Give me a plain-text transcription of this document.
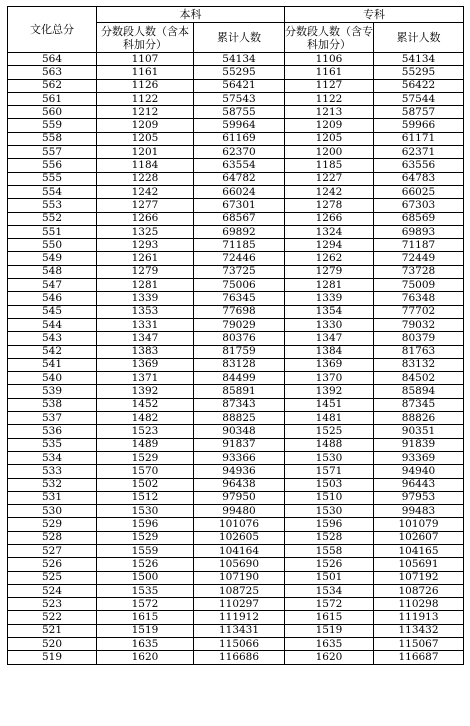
文化总分	本科		专科	
	分数段人数（含本科加分）	累计人数	分数段人数（含专科加分）	累计人数
564	1107	54134	1106	54134
563	1161	55295	1161	55295
562	1126	56421	1127	56422
561	1122	57543	1122	57544
560	1212	58755	1213	58757
559	1209	59964	1209	59966
558	1205	61169	1205	61171
557	1201	62370	1200	62371
556	1184	63554	1185	63556
555	1228	64782	1227	64783
554	1242	66024	1242	66025
553	1277	67301	1278	67303
552	1266	68567	1266	68569
551	1325	69892	1324	69893
550	1293	71185	1294	71187
549	1261	72446	1262	72449
548	1279	73725	1279	73728
547	1281	75006	1281	75009
546	1339	76345	1339	76348
545	1353	77698	1354	77702
544	1331	79029	1330	79032
543	1347	80376	1347	80379
542	1383	81759	1384	81763
541	1369	83128	1369	83132
540	1371	84499	1370	84502
539	1392	85891	1392	85894
538	1452	87343	1451	87345
537	1482	88825	1481	88826
536	1523	90348	1525	90351
535	1489	91837	1488	91839
534	1529	93366	1530	93369
533	1570	94936	1571	94940
532	1502	96438	1503	96443
531	1512	97950	1510	97953
530	1530	99480	1530	99483
529	1596	101076	1596	101079
528	1529	102605	1528	102607
527	1559	104164	1558	104165
526	1526	105690	1526	105691
525	1500	107190	1501	107192
524	1535	108725	1534	108726
523	1572	110297	1572	110298
522	1615	111912	1615	111913
521	1519	113431	1519	113432
520	1635	115066	1635	115067
519	1620	116686	1620	116687
